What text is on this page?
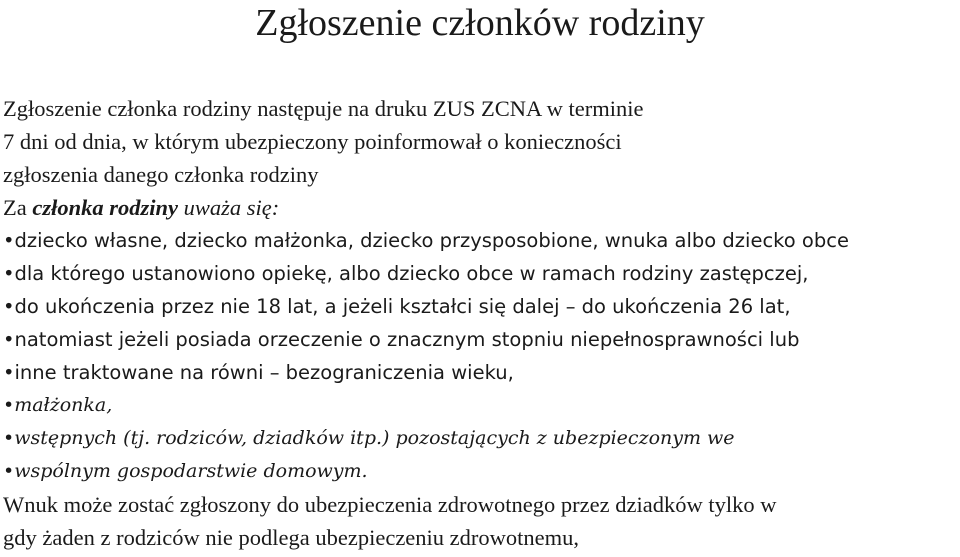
Zgłoszenie członków rodziny
Zgłoszenie członka rodziny następuje na druku ZUS ZCNA w terminie
7 dni od dnia, w którym ubezpieczony poinformował o konieczności
zgłoszenia danego członka rodziny
Za członka rodziny uważa się:
•dziecko własne, dziecko małżonka, dziecko przysposobione, wnuka albo dziecko obce
•dla którego ustanowiono opiekę, albo dziecko obce w ramach rodziny zastępczej,
•do ukończenia przez nie 18 lat, a jeżeli kształci się dalej – do ukończenia 26 lat,
•natomiast jeżeli posiada orzeczenie o znacznym stopniu niepełnosprawności lub
•inne traktowane na równi – bezograniczenia wieku,
•małżonka,
•wstępnych (tj. rodziców, dziadków itp.) pozostających z ubezpieczonym we
•wspólnym gospodarstwie domowym.
Wnuk może zostać zgłoszony do ubezpieczenia zdrowotnego przez dziadków tylko w
gdy żaden z rodziców nie podlega ubezpieczeniu zdrowotnemu,
